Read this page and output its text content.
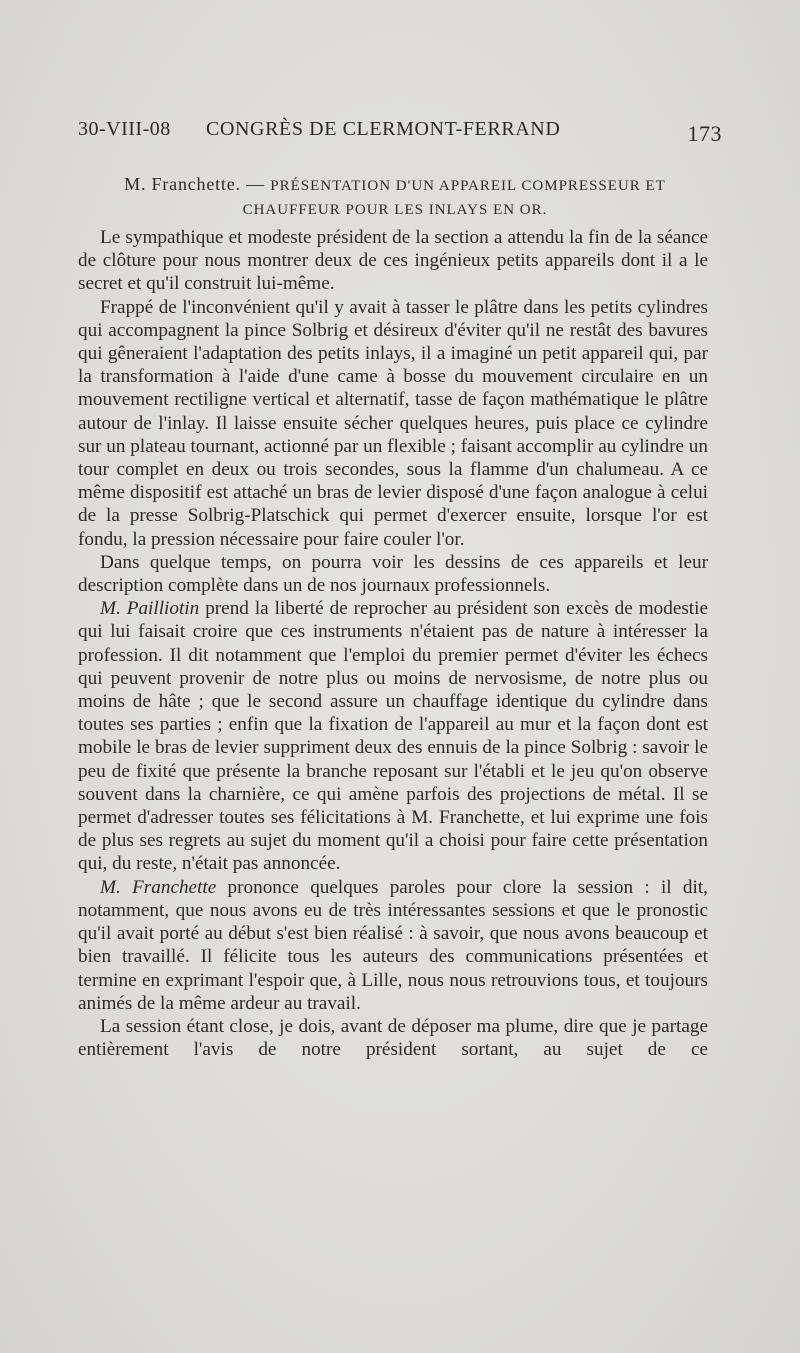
30-VIII-08 CONGRÈS DE CLERMONT-FERRAND	173
M. Franchette. — PRÉSENTATION D'UN APPAREIL COMPRESSEUR ET
CHAUFFEUR POUR LES INLAYS EN OR.

Le sympathique et modeste président de la section a attendu la fin de la séance de clôture pour nous montrer deux de ces ingénieux petits appareils dont il a le secret et qu'il construit lui-même.

Frappé de l'inconvénient qu'il y avait à tasser le plâtre dans les petits cylindres qui accompagnent la pince Solbrig et désireux d'éviter qu'il ne restât des bavures qui gêneraient l'adaptation des petits inlays, il a imaginé un petit appareil qui, par la transformation à l'aide d'une came à bosse du mouvement circulaire en un mouvement rectiligne vertical et alternatif, tasse de façon mathématique le plâtre autour de l'inlay. Il laisse ensuite sécher quelques heures, puis place ce cylindre sur un plateau tournant, actionné par un flexible ; faisant accomplir au cylindre un tour complet en deux ou trois secondes, sous la flamme d'un chalumeau. A ce même dispositif est attaché un bras de levier disposé d'une façon analogue à celui de la presse Solbrig-Platschick qui permet d'exercer ensuite, lorsque l'or est fondu, la pression nécessaire pour faire couler l'or.

Dans quelque temps, on pourra voir les dessins de ces appareils et leur description complète dans un de nos journaux professionnels.

M. Pailliotin prend la liberté de reprocher au président son excès de modestie qui lui faisait croire que ces instruments n'étaient pas de nature à intéresser la profession. Il dit notamment que l'emploi du premier permet d'éviter les échecs qui peuvent provenir de notre plus ou moins de nervosisme, de notre plus ou moins de hâte ; que le second assure un chauffage identique du cylindre dans toutes ses parties ; enfin que la fixation de l'appareil au mur et la façon dont est mobile le bras de levier suppriment deux des ennuis de la pince Solbrig : savoir le peu de fixité que présente la branche reposant sur l'établi et le jeu qu'on observe souvent dans la charnière, ce qui amène parfois des projections de métal. Il se permet d'adresser toutes ses félicitations à M. Franchette, et lui exprime une fois de plus ses regrets au sujet du moment qu'il a choisi pour faire cette présentation qui, du reste, n'était pas annoncée.

M. Franchette prononce quelques paroles pour clore la session : il dit, notamment, que nous avons eu de très intéressantes sessions et que le pronostic qu'il avait porté au début s'est bien réalisé : à savoir, que nous avons beaucoup et bien travaillé. Il félicite tous les auteurs des communications présentées et termine en exprimant l'espoir que, à Lille, nous nous retrouvions tous, et toujours animés de la même ardeur au travail.

La session étant close, je dois, avant de déposer ma plume, dire que je partage entièrement l'avis de notre président sortant, au sujet de ce
